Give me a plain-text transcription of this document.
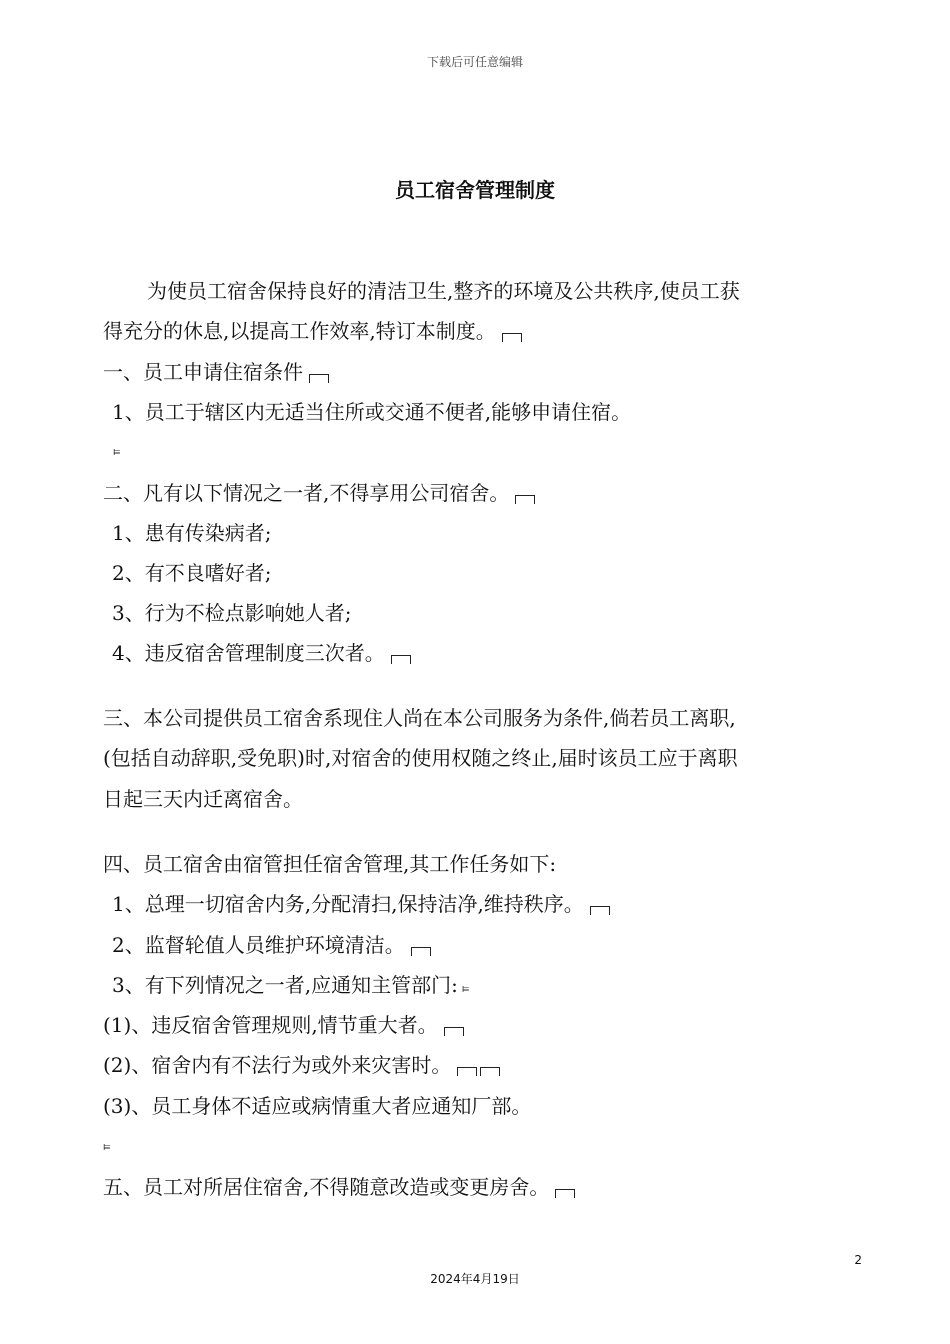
下载后可任意编辑
员工宿舍管理制度
为使员工宿舍保持良好的清洁卫生,整齐的环境及公共秩序,使员工获
得充分的休息,以提高工作效率,特订本制度。
一、员工申请住宿条件
1、员工于辖区内无适当住所或交通不便者,能够申请住宿。
⫢
二、凡有以下情况之一者,不得享用公司宿舍。
1、患有传染病者;
2、有不良嗜好者;
3、行为不检点影响她人者;
4、违反宿舍管理制度三次者。
三、本公司提供员工宿舍系现住人尚在本公司服务为条件,倘若员工离职,
(包括自动辞职,受免职)时,对宿舍的使用权随之终止,届时该员工应于离职
日起三天内迁离宿舍。
四、员工宿舍由宿管担任宿舍管理,其工作任务如下:
1、总理一切宿舍内务,分配清扫,保持洁净,维持秩序。
2、监督轮值人员维护环境清洁。
3、有下列情况之一者,应通知主管部门: ⫢
(1)、违反宿舍管理规则,情节重大者。
(2)、宿舍内有不法行为或外来灾害时。
(3)、员工身体不适应或病情重大者应通知厂部。
⫢
五、员工对所居住宿舍,不得随意改造或变更房舍。
2
2024年4月19日
